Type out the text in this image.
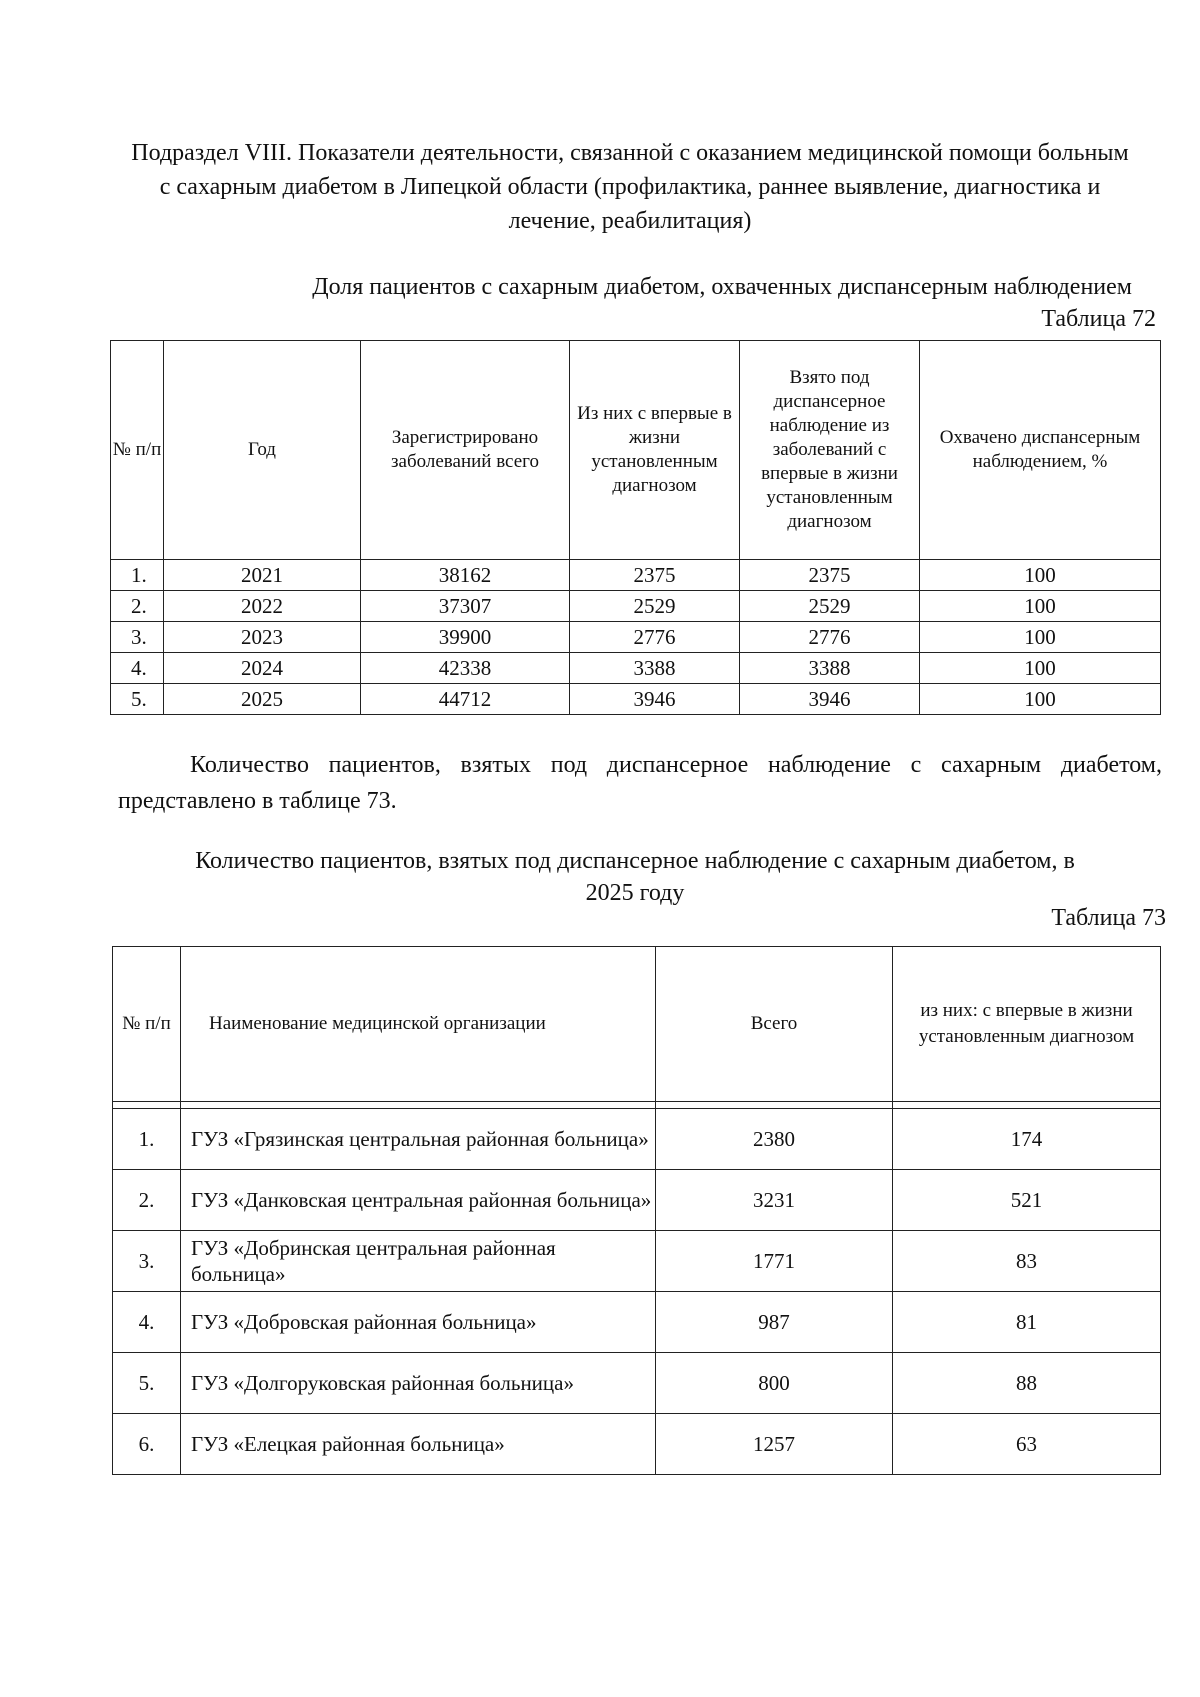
Подраздел VIII. Показатели деятельности, связанной с оказанием медицинской помощи больным с сахарным диабетом в Липецкой области (профилактика, раннее выявление, диагностика и лечение, реабилитация)
Доля пациентов с сахарным диабетом, охваченных диспансерным наблюдением
Таблица 72
№ п/п	Год	Зарегистрировано заболеваний всего	Из них с впервые в жизни установленным диагнозом	Взято под диспансерное наблюдение из заболеваний с впервые в жизни установленным диагнозом	Охвачено диспансерным наблюдением, %
1.	2021	38162	2375	2375	100
2.	2022	37307	2529	2529	100
3.	2023	39900	2776	2776	100
4.	2024	42338	3388	3388	100
5.	2025	44712	3946	3946	100
Количество пациентов, взятых под диспансерное наблюдение с сахарным диабетом, представлено в таблице 73.
Количество пациентов, взятых под диспансерное наблюдение с сахарным диабетом, в 2025 году
Таблица 73
№ п/п	Наименование медицинской организации	Всего	из них: с впервые в жизни установленным диагнозом

1.	ГУЗ «Грязинская центральная районная больница»	2380	174
2.	ГУЗ «Данковская центральная районная больница»	3231	521
3.	ГУЗ «Добринская центральная районная больница»	1771	83
4.	ГУЗ «Добровская районная больница»	987	81
5.	ГУЗ «Долгоруковская районная больница»	800	88
6.	ГУЗ «Елецкая районная больница»	1257	63
